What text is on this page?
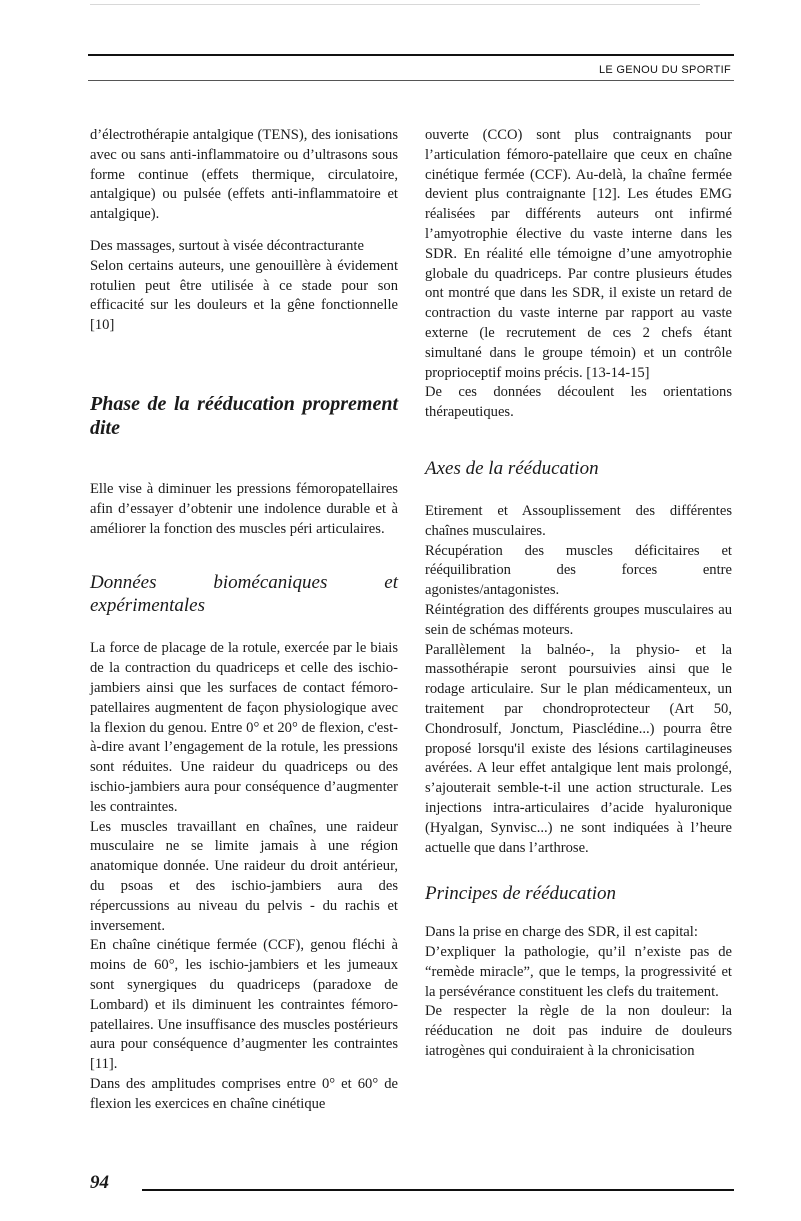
LE GENOU DU SPORTIF

d’électrothérapie antalgique (TENS), des ionisations avec ou sans anti-inflammatoire ou d’ultrasons sous forme continue (effets thermique, circulatoire, antalgique) ou pulsée (effets anti-inflammatoire et antalgique).

Des massages, surtout à visée décontracturante

Selon certains auteurs, une genouillère à évidement rotulien peut être utilisée à ce stade pour son efficacité sur les douleurs et la gêne fonctionnelle [10]

Phase de la rééducation proprement dite

Elle vise à diminuer les pressions fémoropatellaires afin d’essayer d’obtenir une indolence durable et à améliorer la fonction des muscles péri articulaires.

Données biomécaniques et expérimentales

La force de placage de la rotule, exercée par le biais de la contraction du quadriceps et celle des ischio-jambiers ainsi que les surfaces de contact fémoro-patellaires augmentent de façon physiologique avec la flexion du genou. Entre 0° et 20° de flexion, c'est-à-dire avant l’engagement de la rotule, les pressions sont réduites. Une raideur du quadriceps ou des ischio-jambiers aura pour conséquence d’augmenter les contraintes.

Les muscles travaillant en chaînes, une raideur musculaire ne se limite jamais à une région anatomique donnée. Une raideur du droit antérieur, du psoas et des ischio-jambiers aura des répercussions au niveau du pelvis - du rachis et inversement.

En chaîne cinétique fermée (CCF), genou fléchi à moins de 60°, les ischio-jambiers et les jumeaux sont synergiques du quadriceps (paradoxe de Lombard) et ils diminuent les contraintes fémoro-patellaires. Une insuffisance des muscles postérieurs aura pour conséquence d’augmenter les contraintes [11].

Dans des amplitudes comprises entre 0° et 60° de flexion les exercices en chaîne cinétique

ouverte (CCO) sont plus contraignants pour l’articulation fémoro-patellaire que ceux en chaîne cinétique fermée (CCF). Au-delà, la chaîne fermée devient plus contraignante [12]. Les études EMG réalisées par différents auteurs ont infirmé l’amyotrophie élective du vaste interne dans les SDR. En réalité elle témoigne d’une amyotrophie globale du quadriceps. Par contre plusieurs études ont montré que dans les SDR, il existe un retard de contraction du vaste interne par rapport au vaste externe (le recrutement de ces 2 chefs étant simultané dans le groupe témoin) et un contrôle proprioceptif moins précis. [13-14-15]

De ces données découlent les orientations thérapeutiques.

Axes de la rééducation

Etirement et Assouplissement des différentes chaînes musculaires.

Récupération des muscles déficitaires et rééquilibration des forces entre agonistes/antagonistes.

Réintégration des différents groupes musculaires au sein de schémas moteurs.

Parallèlement la balnéo-, la physio- et la massothérapie seront poursuivies ainsi que le rodage articulaire. Sur le plan médicamenteux, un traitement par chondroprotecteur (Art 50, Chondrosulf, Jonctum, Piasclédine...) pourra être proposé lorsqu'il existe des lésions cartilagineuses avérées. A leur effet antalgique lent mais prolongé, s’ajouterait semble-t-il une action structurale. Les injections intra-articulaires d’acide hyaluronique (Hyalgan, Synvisc...) ne sont indiquées à l’heure actuelle que dans l’arthrose.

Principes de rééducation

Dans la prise en charge des SDR, il est capital:

D’expliquer la pathologie, qu’il n’existe pas de “remède miracle”, que le temps, la progressivité et la persévérance constituent les clefs du traitement.

De respecter la règle de la non douleur: la rééducation ne doit pas induire de douleurs iatrogènes qui conduiraient à la chronicisation

94
